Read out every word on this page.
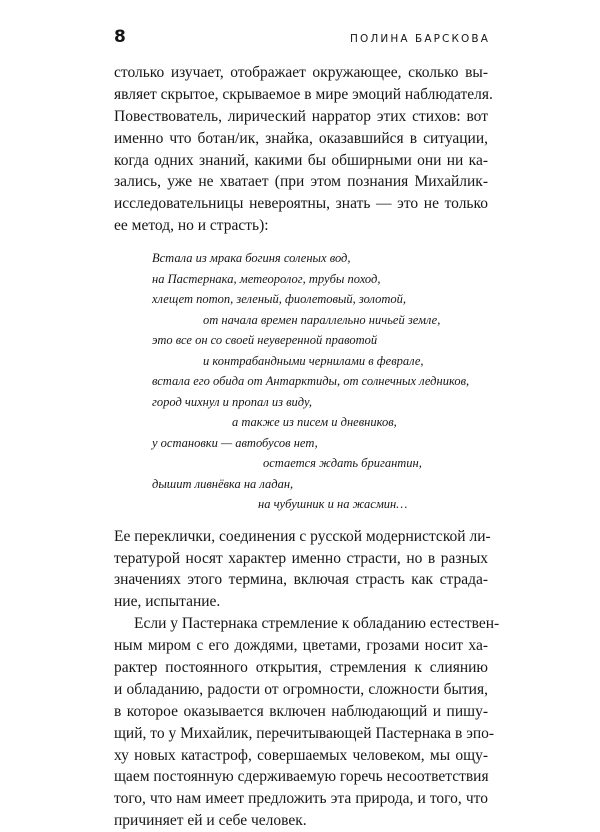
8	ПОЛИНА БАРСКОВА
столько изучает, отображает окружающее, сколько вы-
являет скрытое, скрываемое в мире эмоций наблюдателя.
Повествователь, лирический нарратор этих стихов: вот
именно что ботан/ик, знайка, оказавшийся в ситуации,
когда одних знаний, какими бы обширными они ни ка-
зались, уже не хватает (при этом познания Михайлик-
исследовательницы невероятны, знать — это не только
ее метод, но и страсть):
Встала из мрака богиня соленых вод,
на Пастернака, метеоролог, трубы поход,
хлещет потоп, зеленый, фиолетовый, золотой,
от начала времен параллельно ничьей земле,
это все он со своей неуверенной правотой
и контрабандными чернилами в феврале,
встала его обида от Антарктиды, от солнечных ледников,
город чихнул и пропал из виду,
а также из писем и дневников,
у остановки — автобусов нет,
остается ждать бригантин,
дышит ливнёвка на ладан,
на чубушник и на жасмин…
Ее переклички, соединения с русской модернистской ли-
тературой носят характер именно страсти, но в разных
значениях этого термина, включая страсть как страда-
ние, испытание.
Если у Пастернака стремление к обладанию естествен-
ным миром с его дождями, цветами, грозами носит ха-
рактер постоянного открытия, стремления к слиянию
и обладанию, радости от огромности, сложности бытия,
в которое оказывается включен наблюдающий и пишу-
щий, то у Михайлик, перечитывающей Пастернака в эпо-
ху новых катастроф, совершаемых человеком, мы ощу-
щаем постоянную сдерживаемую горечь несоответствия
того, что нам имеет предложить эта природа, и того, что
причиняет ей и себе человек.
